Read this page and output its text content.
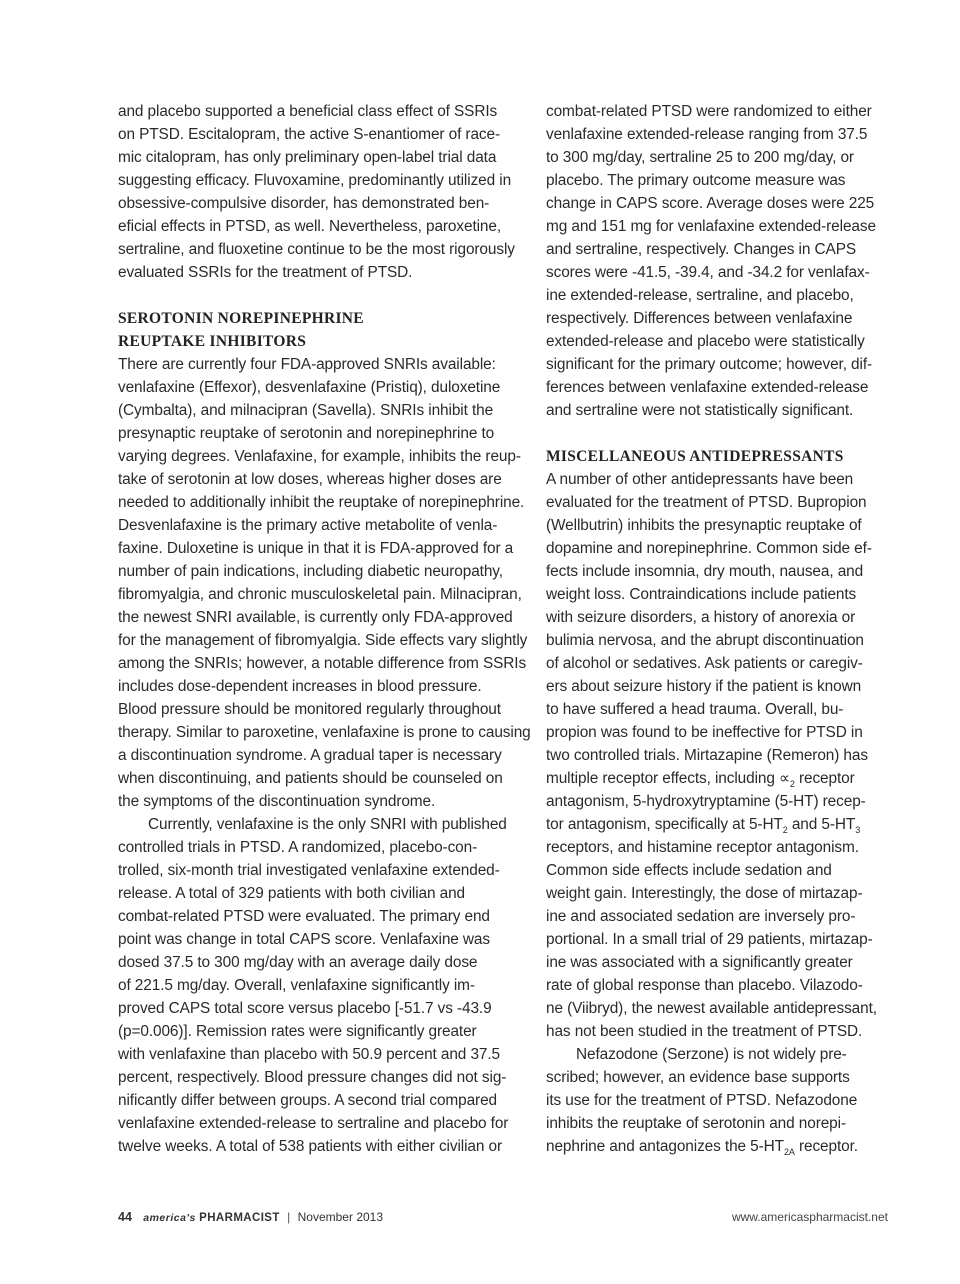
and placebo supported a beneficial class effect of SSRIs
on PTSD. Escitalopram, the active S-enantiomer of race-
mic citalopram, has only preliminary open-label trial data
suggesting efficacy. Fluvoxamine, predominantly utilized in
obsessive-compulsive disorder, has demonstrated ben-
eficial effects in PTSD, as well. Nevertheless, paroxetine,
sertraline, and fluoxetine continue to be the most rigorously
evaluated SSRIs for the treatment of PTSD.
SEROTONIN NOREPINEPHRINE
REUPTAKE INHIBITORS
There are currently four FDA-approved SNRIs available:
venlafaxine (Effexor), desvenlafaxine (Pristiq), duloxetine
(Cymbalta), and milnacipran (Savella). SNRIs inhibit the
presynaptic reuptake of serotonin and norepinephrine to
varying degrees. Venlafaxine, for example, inhibits the reup-
take of serotonin at low doses, whereas higher doses are
needed to additionally inhibit the reuptake of norepinephrine.
Desvenlafaxine is the primary active metabolite of venla-
faxine. Duloxetine is unique in that it is FDA-approved for a
number of pain indications, including diabetic neuropathy,
fibromyalgia, and chronic musculoskeletal pain. Milnacipran,
the newest SNRI available, is currently only FDA-approved
for the management of fibromyalgia. Side effects vary slightly
among the SNRIs; however, a notable difference from SSRIs
includes dose-dependent increases in blood pressure.
Blood pressure should be monitored regularly throughout
therapy. Similar to paroxetine, venlafaxine is prone to causing
a discontinuation syndrome. A gradual taper is necessary
when discontinuing, and patients should be counseled on
the symptoms of the discontinuation syndrome.
Currently, venlafaxine is the only SNRI with published
controlled trials in PTSD. A randomized, placebo-con-
trolled, six-month trial investigated venlafaxine extended-
release. A total of 329 patients with both civilian and
combat-related PTSD were evaluated. The primary end
point was change in total CAPS score. Venlafaxine was
dosed 37.5 to 300 mg/day with an average daily dose
of 221.5 mg/day. Overall, venlafaxine significantly im-
proved CAPS total score versus placebo [-51.7 vs -43.9
(p=0.006)]. Remission rates were significantly greater
with venlafaxine than placebo with 50.9 percent and 37.5
percent, respectively. Blood pressure changes did not sig-
nificantly differ between groups. A second trial compared
venlafaxine extended-release to sertraline and placebo for
twelve weeks. A total of 538 patients with either civilian or
combat-related PTSD were randomized to either
venlafaxine extended-release ranging from 37.5
to 300 mg/day, sertraline 25 to 200 mg/day, or
placebo. The primary outcome measure was
change in CAPS score. Average doses were 225
mg and 151 mg for venlafaxine extended-release
and sertraline, respectively. Changes in CAPS
scores were -41.5, -39.4, and -34.2 for venlafax-
ine extended-release, sertraline, and placebo,
respectively. Differences between venlafaxine
extended-release and placebo were statistically
significant for the primary outcome; however, dif-
ferences between venlafaxine extended-release
and sertraline were not statistically significant.
MISCELLANEOUS ANTIDEPRESSANTS
A number of other antidepressants have been
evaluated for the treatment of PTSD. Bupropion
(Wellbutrin) inhibits the presynaptic reuptake of
dopamine and norepinephrine. Common side ef-
fects include insomnia, dry mouth, nausea, and
weight loss. Contraindications include patients
with seizure disorders, a history of anorexia or
bulimia nervosa, and the abrupt discontinuation
of alcohol or sedatives. Ask patients or caregiv-
ers about seizure history if the patient is known
to have suffered a head trauma. Overall, bu-
propion was found to be ineffective for PTSD in
two controlled trials. Mirtazapine (Remeron) has
multiple receptor effects, including $\propto_2$ receptor
antagonism, 5-hydroxytryptamine (5-HT) recep-
tor antagonism, specifically at $5-HT_2$ and $5-HT_3$
receptors, and histamine receptor antagonism.
Common side effects include sedation and
weight gain. Interestingly, the dose of mirtazap-
ine and associated sedation are inversely pro-
portional. In a small trial of 29 patients, mirtazap-
ine was associated with a significantly greater
rate of global response than placebo. Vilazodo-
ne (Viibryd), the newest available antidepressant,
has not been studied in the treatment of PTSD.
Nefazodone (Serzone) is not widely pre-
scribed; however, an evidence base supports
its use for the treatment of PTSD. Nefazodone
inhibits the reuptake of serotonin and norepi-
nephrine and antagonizes the $5-HT_{2A}$ receptor.
44 america's PHARMACIST | November 2013	www.americaspharmacist.net
